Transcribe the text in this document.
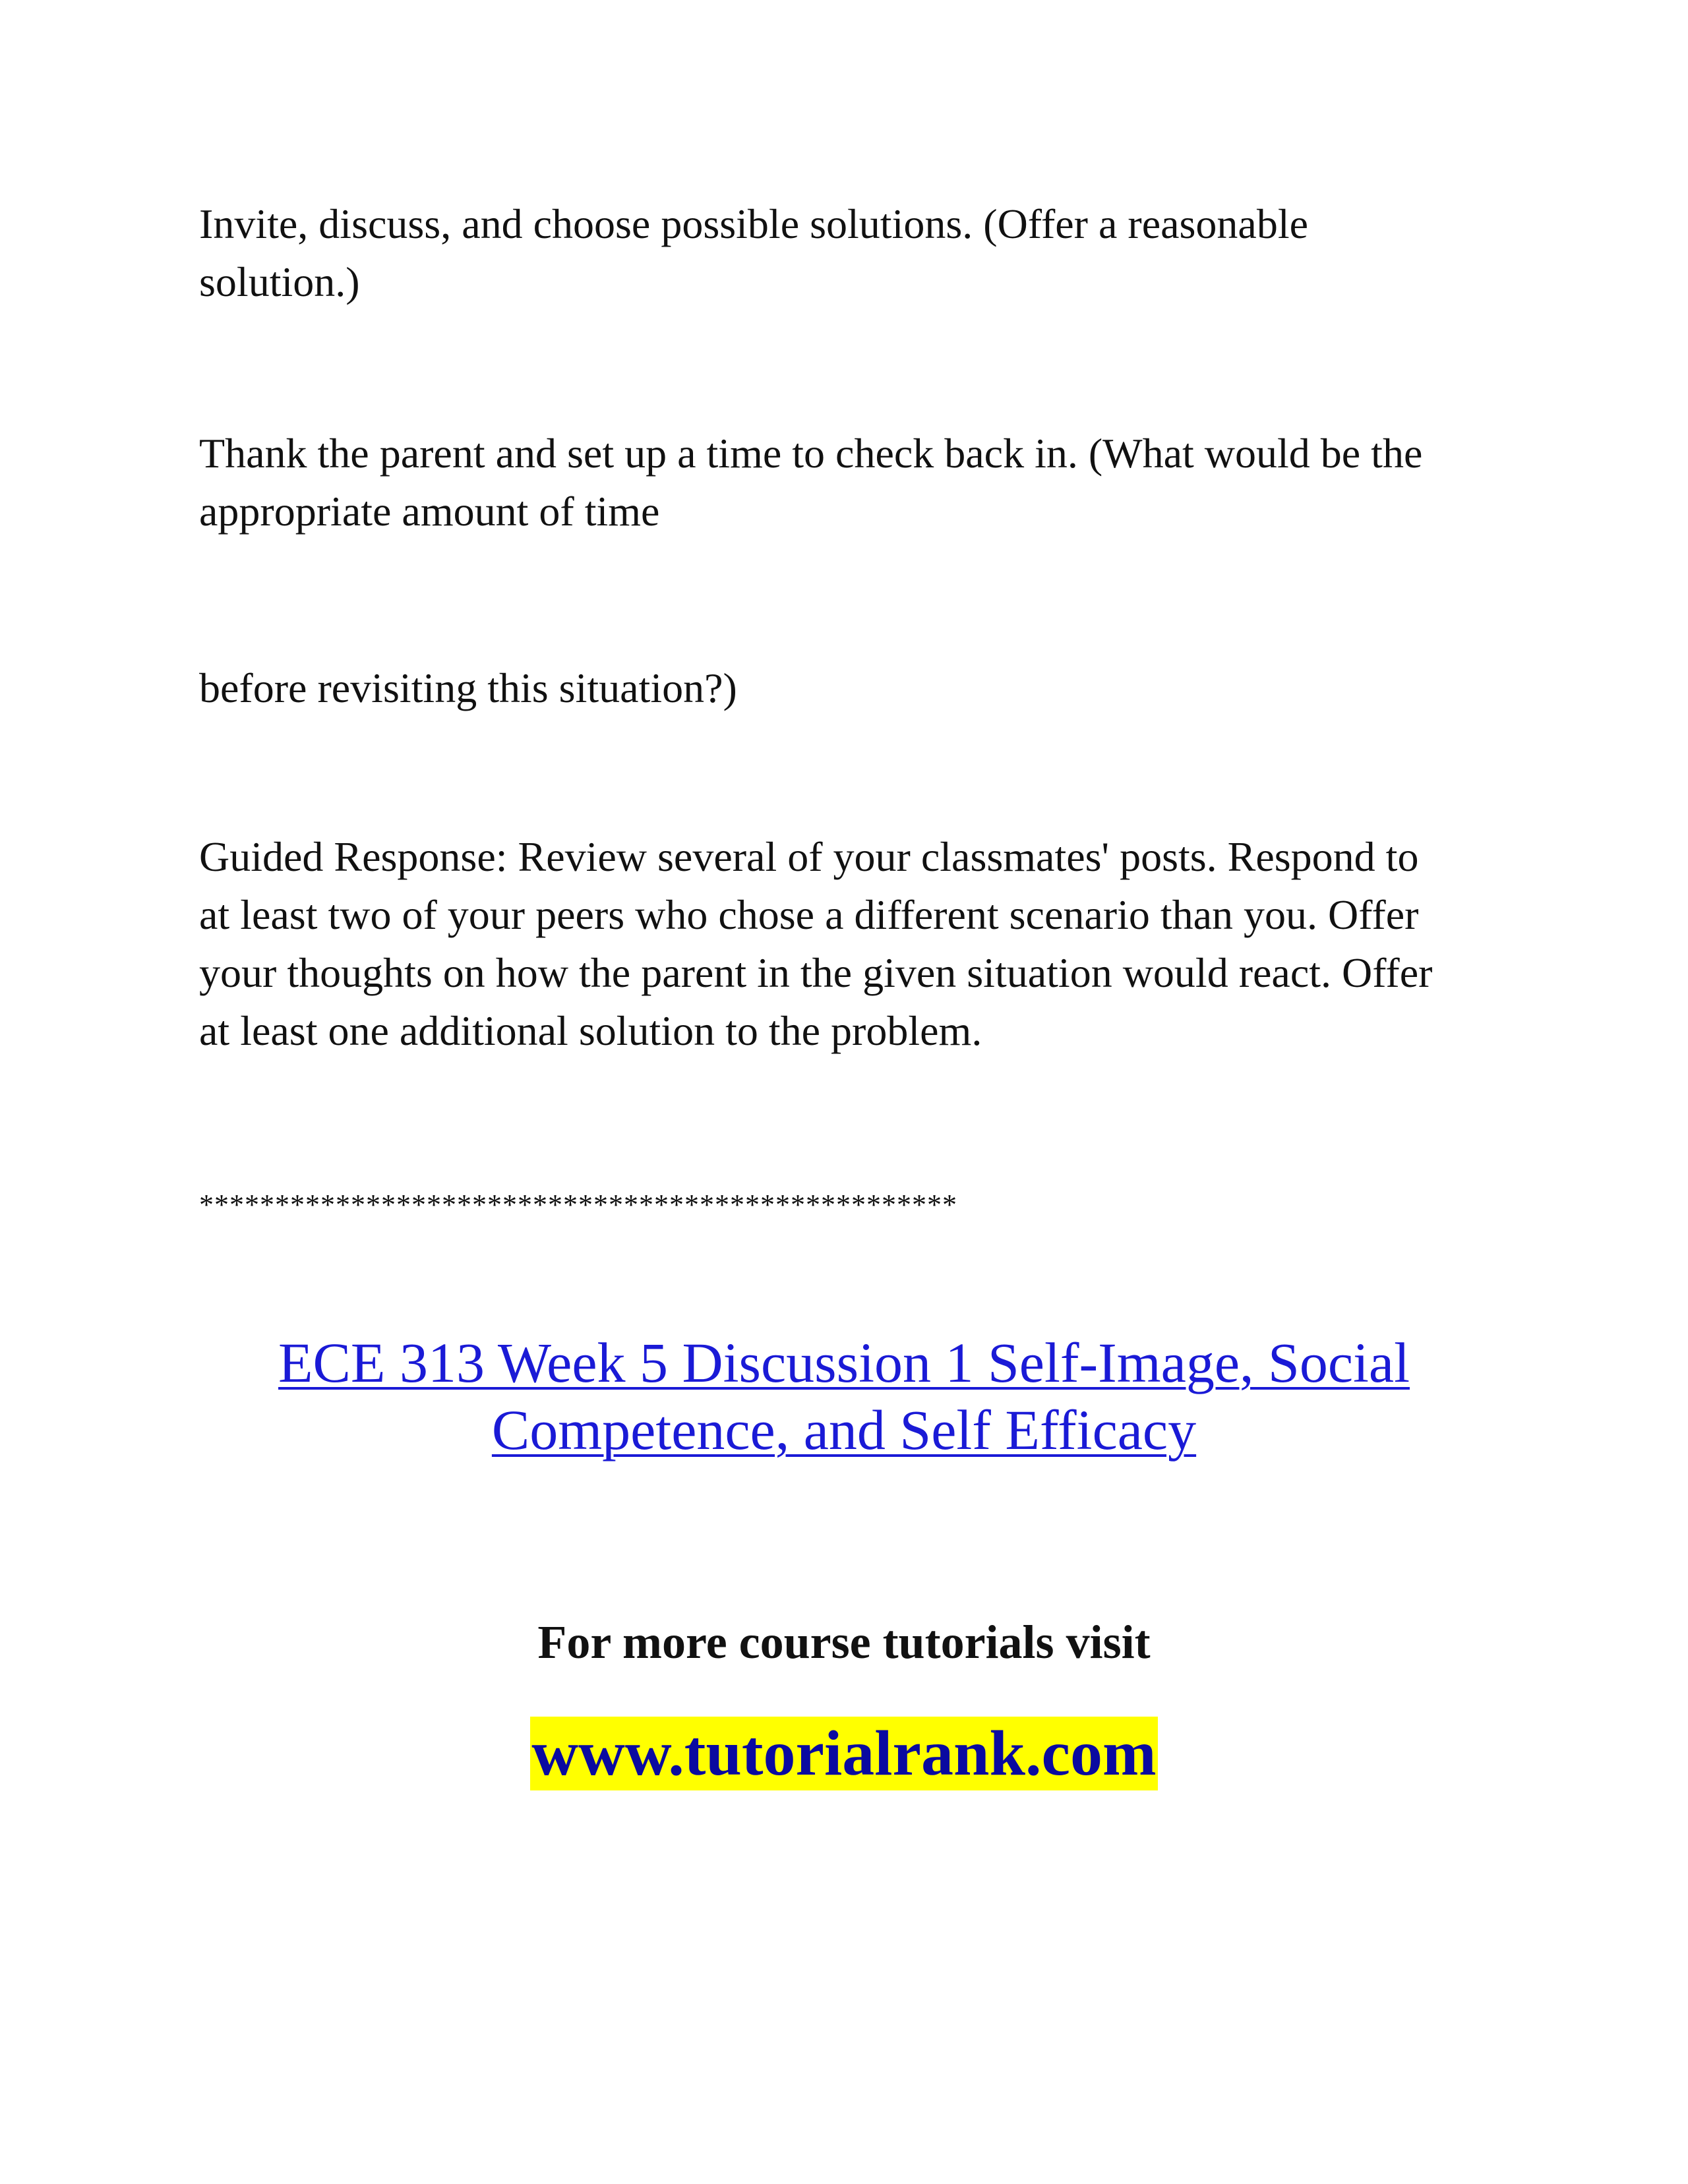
Invite, discuss, and choose possible solutions. (Offer a reasonable
solution.)

Thank the parent and set up a time to check back in. (What would be the
appropriate amount of time

before revisiting this situation?)

Guided Response: Review several of your classmates' posts. Respond to
at least two of your peers who chose a different scenario than you. Offer
your thoughts on how the parent in the given situation would react. Offer
at least one additional solution to the problem.

**************************************************

ECE 313 Week 5 Discussion 1 Self-Image, Social
Competence, and Self Efficacy

For more course tutorials visit

www.tutorialrank.com
